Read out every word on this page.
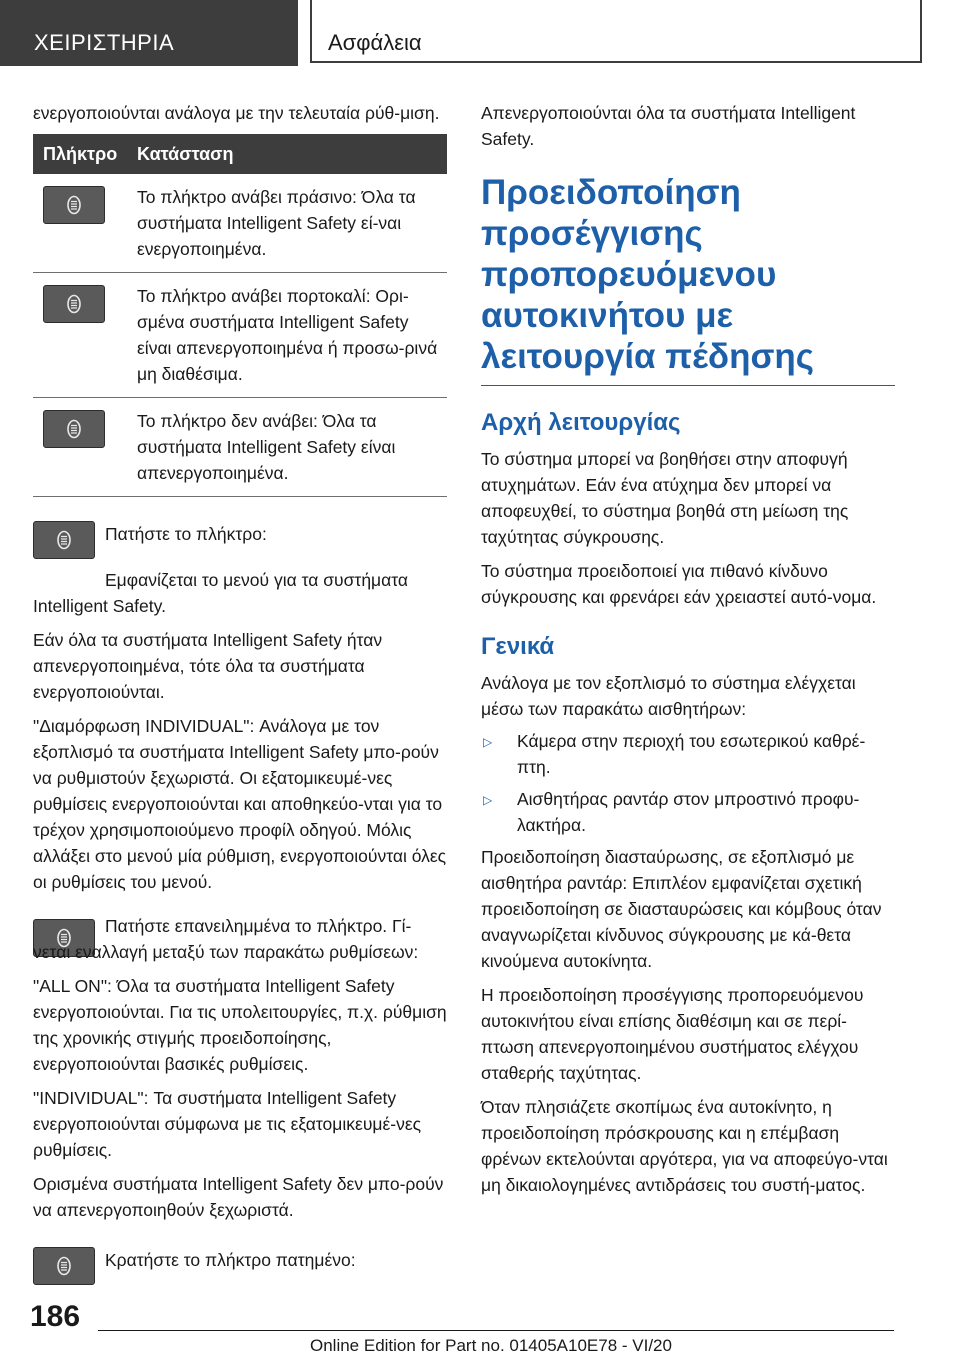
ΧΕΙΡΙΣΤΗΡΙΑ	Ασφάλεια

ενεργοποιούνται ανάλογα με την τελευταία ρύθ‐μιση.

Πλήκτρο	Κατάσταση

Το πλήκτρο ανάβει πράσινο: Όλα τα συστήματα Intelligent Safety εί‐ναι ενεργοποιημένα.

Το πλήκτρο ανάβει πορτοκαλί: Ορι‐σμένα συστήματα Intelligent Safety είναι απενεργοποιημένα ή προσω‐ρινά μη διαθέσιμα.

Το πλήκτρο δεν ανάβει: Όλα τα συστήματα Intelligent Safety είναι απενεργοποιημένα.

Πατήστε το πλήκτρο:

Εμφανίζεται το μενού για τα συστήματα Intelligent Safety.

Εάν όλα τα συστήματα Intelligent Safety ήταν απενεργοποιημένα, τότε όλα τα συστήματα ενεργοποιούνται.

"Διαμόρφωση INDIVIDUAL": Ανάλογα με τον εξοπλισμό τα συστήματα Intelligent Safety μπο‐ρούν να ρυθμιστούν ξεχωριστά. Οι εξατομικευμέ‐νες ρυθμίσεις ενεργοποιούνται και αποθηκεύο‐νται για το τρέχον χρησιμοποιούμενο προφίλ οδηγού. Μόλις αλλάξει στο μενού μία ρύθμιση, ενεργοποιούνται όλες οι ρυθμίσεις του μενού.

Πατήστε επανειλημμένα το πλήκτρο. Γί‐νεται εναλλαγή μεταξύ των παρακάτω ρυθμίσεων:

"ALL ON": Όλα τα συστήματα Intelligent Safety ενεργοποιούνται. Για τις υπολειτουργίες, π.χ. ρύθμιση της χρονικής στιγμής προειδοποίησης, ενεργοποιούνται βασικές ρυθμίσεις.

"INDIVIDUAL": Τα συστήματα Intelligent Safety ενεργοποιούνται σύμφωνα με τις εξατομικευμέ‐νες ρυθμίσεις.

Ορισμένα συστήματα Intelligent Safety δεν μπο‐ρούν να απενεργοποιηθούν ξεχωριστά.

Κρατήστε το πλήκτρο πατημένο:

Απενεργοποιούνται όλα τα συστήματα Intelligent Safety.

Προειδοποίηση προσέγγισης προπορευόμενου αυτοκινήτου με λειτουργία πέδησης
Αρχή λειτουργίας

Το σύστημα μπορεί να βοηθήσει στην αποφυγή ατυχημάτων. Εάν ένα ατύχημα δεν μπορεί να αποφευχθεί, το σύστημα βοηθά στη μείωση της ταχύτητας σύγκρουσης.

Το σύστημα προειδοποιεί για πιθανό κίνδυνο σύγκρουσης και φρενάρει εάν χρειαστεί αυτό‐νομα.

Γενικά

Ανάλογα με τον εξοπλισμό το σύστημα ελέγχεται μέσω των παρακάτω αισθητήρων:

▷	Κάμερα στην περιοχή του εσωτερικού καθρέ‐πτη.
▷	Αισθητήρας ραντάρ στον μπροστινό προφυ‐λακτήρα.

Προειδοποίηση διασταύρωσης, σε εξοπλισμό με αισθητήρα ραντάρ: Επιπλέον εμφανίζεται σχετική προειδοποίηση σε διασταυρώσεις και κόμβους όταν αναγνωρίζεται κίνδυνος σύγκρουσης με κά‐θετα κινούμενα αυτοκίνητα.

Η προειδοποίηση προσέγγισης προπορευόμενου αυτοκινήτου είναι επίσης διαθέσιμη και σε περί‐πτωση απενεργοποιημένου συστήματος ελέγχου σταθερής ταχύτητας.

Όταν πλησιάζετε σκοπίμως ένα αυτοκίνητο, η προειδοποίηση πρόσκρουσης και η επέμβαση φρένων εκτελούνται αργότερα, για να αποφεύγο‐νται μη δικαιολογημένες αντιδράσεις του συστή‐ματος.

186
Online Edition for Part no. 01405A10E78 - VI/20
